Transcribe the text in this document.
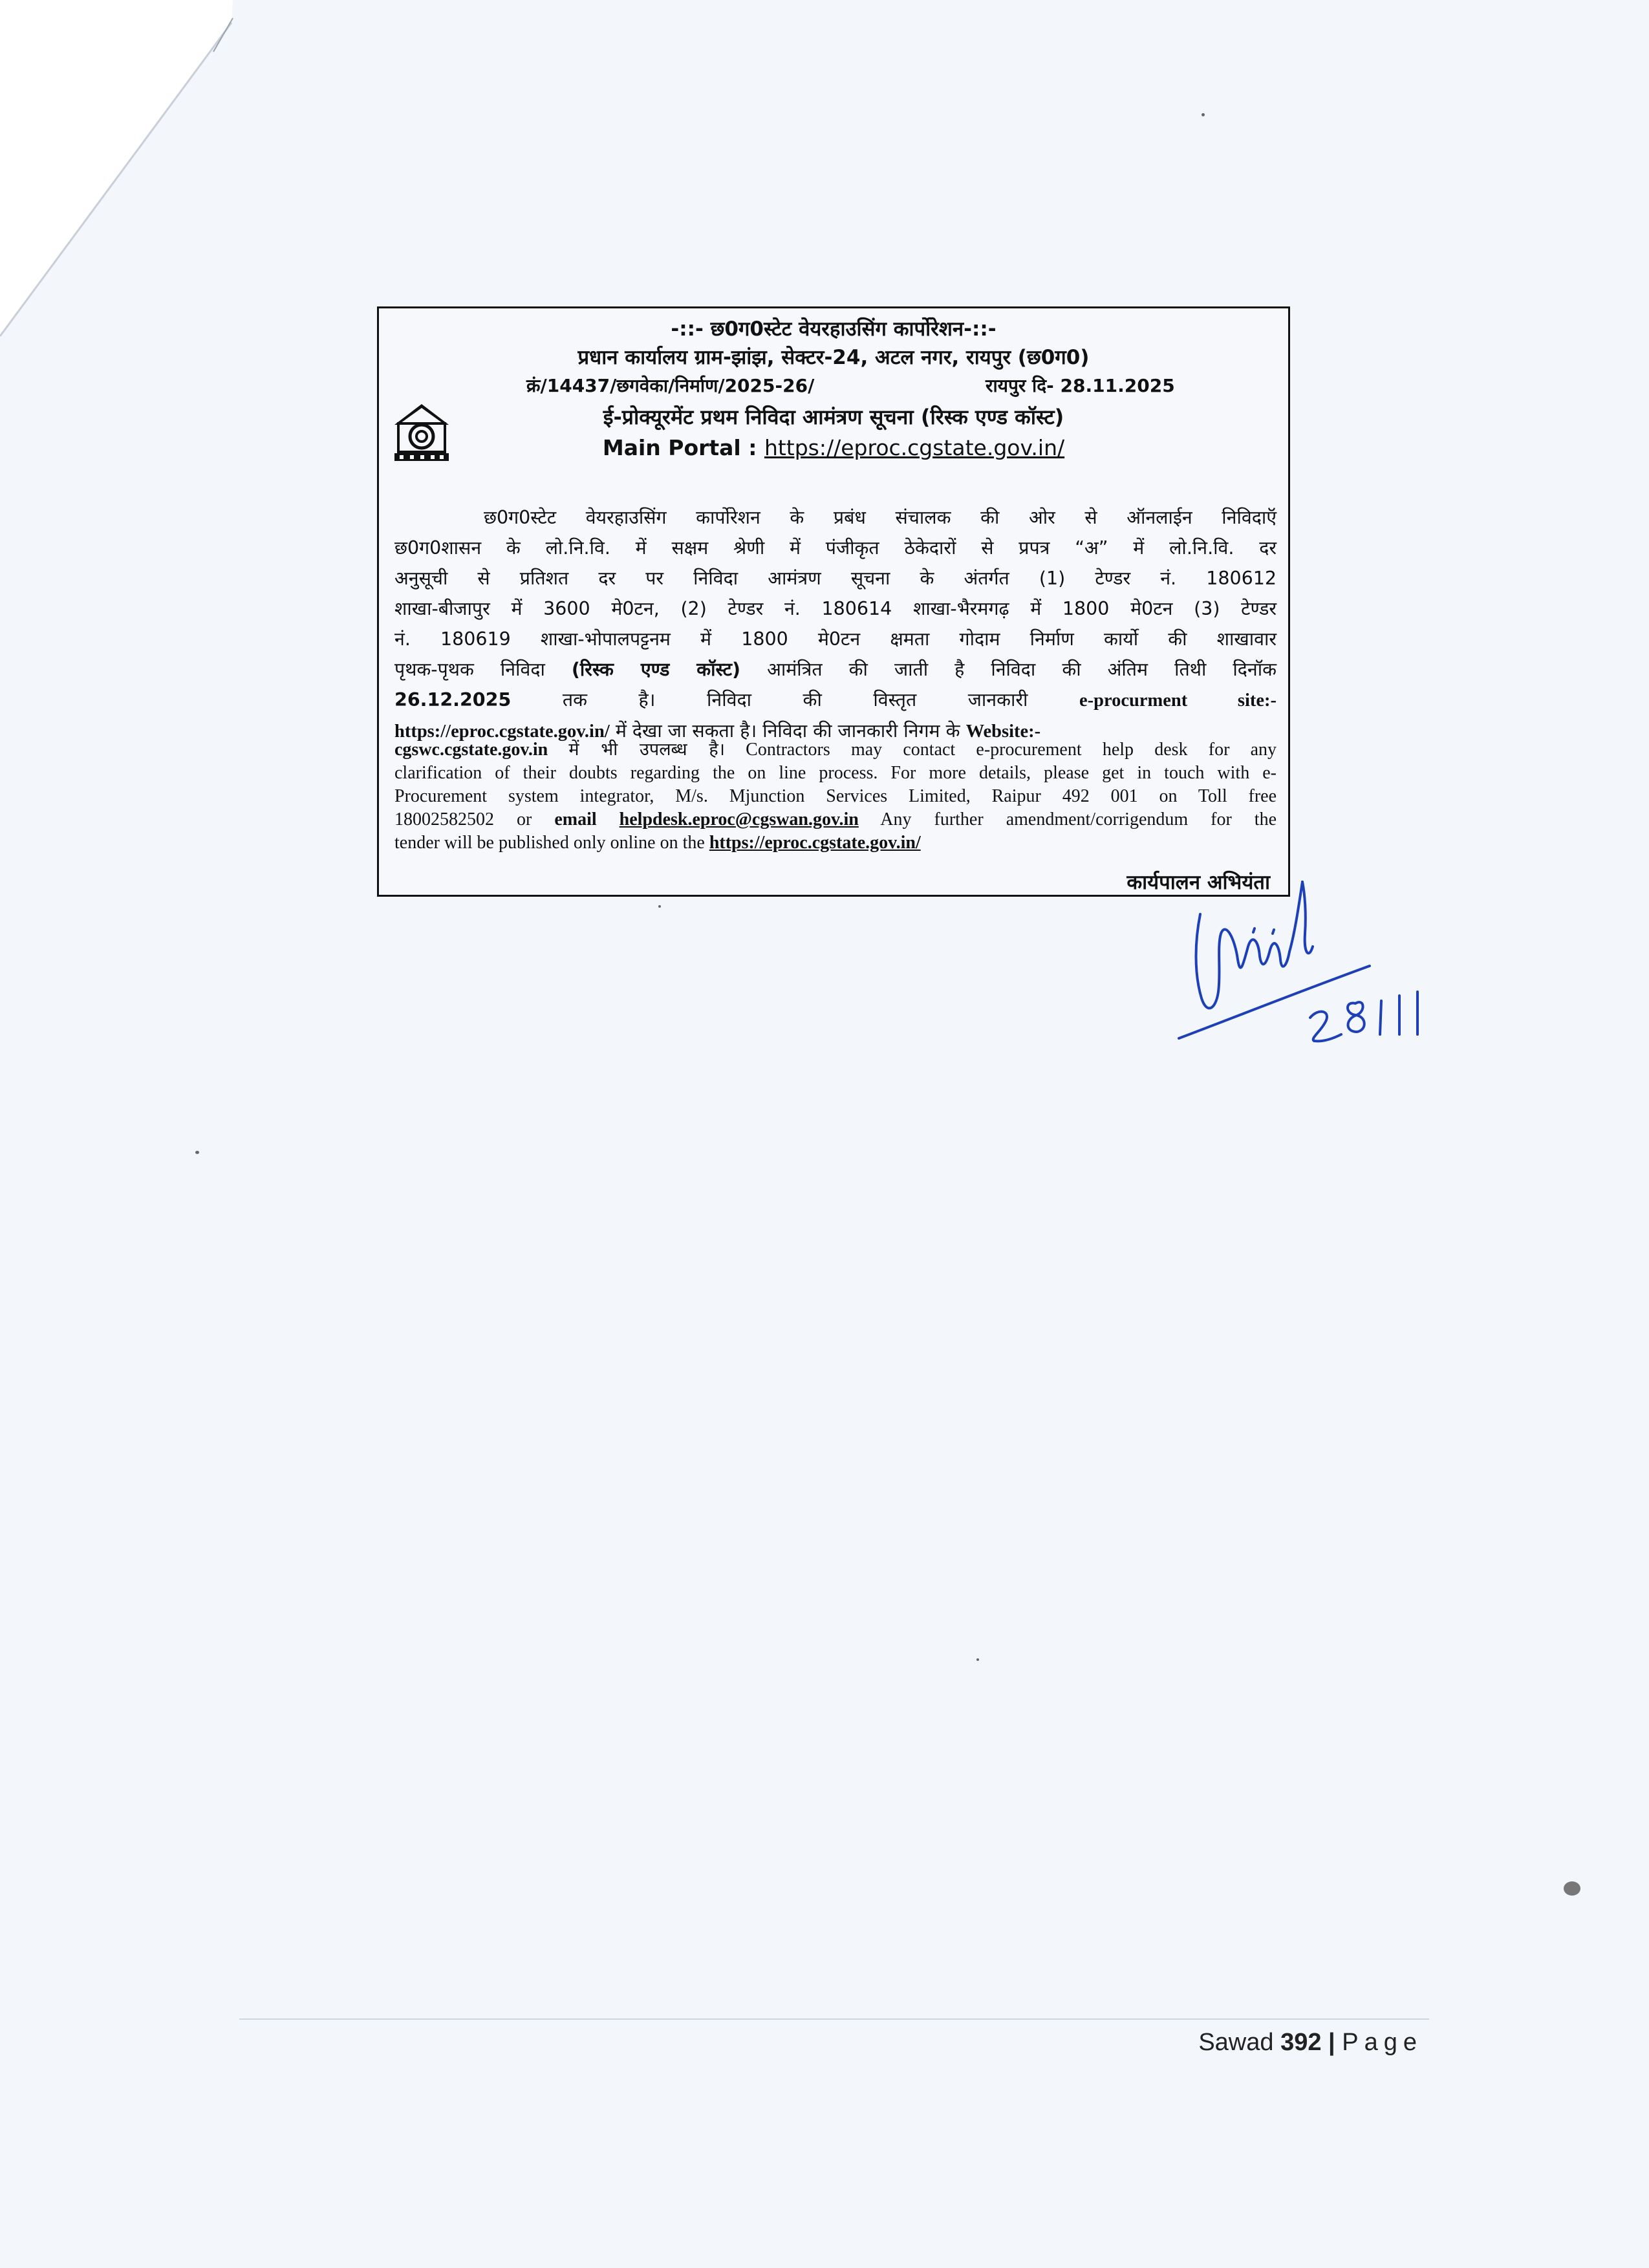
-::- छ0ग0स्टेट वेयरहाउसिंग कार्पोरेशन-::-
प्रधान कार्यालय ग्राम-झांझ, सेक्टर-24, अटल नगर, रायपुर (छ0ग0)
क्रं/14437/छगवेका/निर्माण/2025-26/	रायपुर दि- 28.11.2025
ई-प्रोक्यूरमेंट प्रथम निविदा आमंत्रण सूचना (रिस्क एण्ड कॉस्ट)
Main Portal : https://eproc.cgstate.gov.in/
छ0ग0स्टेट वेयरहाउसिंग कार्पोरेशन के प्रबंध संचालक की ओर से ऑनलाईन निविदाऍ
छ0ग0शासन के लो.नि.वि. में सक्षम श्रेणी में पंजीकृत ठेकेदारों से प्रपत्र “अ” में लो.नि.वि. दर
अनुसूची से प्रतिशत दर पर निविदा आमंत्रण सूचना के अंतर्गत (1) टेण्डर नं. 180612
शाखा-बीजापुर में 3600 मे0टन, (2) टेण्डर नं. 180614 शाखा-भैरमगढ़ में 1800 मे0टन (3) टेण्डर
नं. 180619 शाखा-भोपालपट्टनम में 1800 मे0टन क्षमता गोदाम निर्माण कार्यो की शाखावार
पृथक-पृथक निविदा (रिस्क एण्ड कॉस्ट) आमंत्रित की जाती है निविदा की अंतिम तिथी दिनॉक
26.12.2025	तक है। निविदा की विस्तृत जानकारी	e-procurment site:-
https://eproc.cgstate.gov.in/ में देखा जा सकता है। निविदा की जानकारी निगम के Website:-
cgswc.cgstate.gov.in में भी उपलब्ध है। Contractors may contact e-procurement help desk for any
clarification of their doubts regarding the on line process. For more details, please get in touch with e-
Procurement system integrator, M/s. Mjunction Services Limited, Raipur 492 001 on Toll free
18002582502 or email helpdesk.eproc@cgswan.gov.in Any further amendment/corrigendum for the
tender will be published only online on the https://eproc.cgstate.gov.in/
कार्यपालन अभियंता
Sawad 392 | Page
